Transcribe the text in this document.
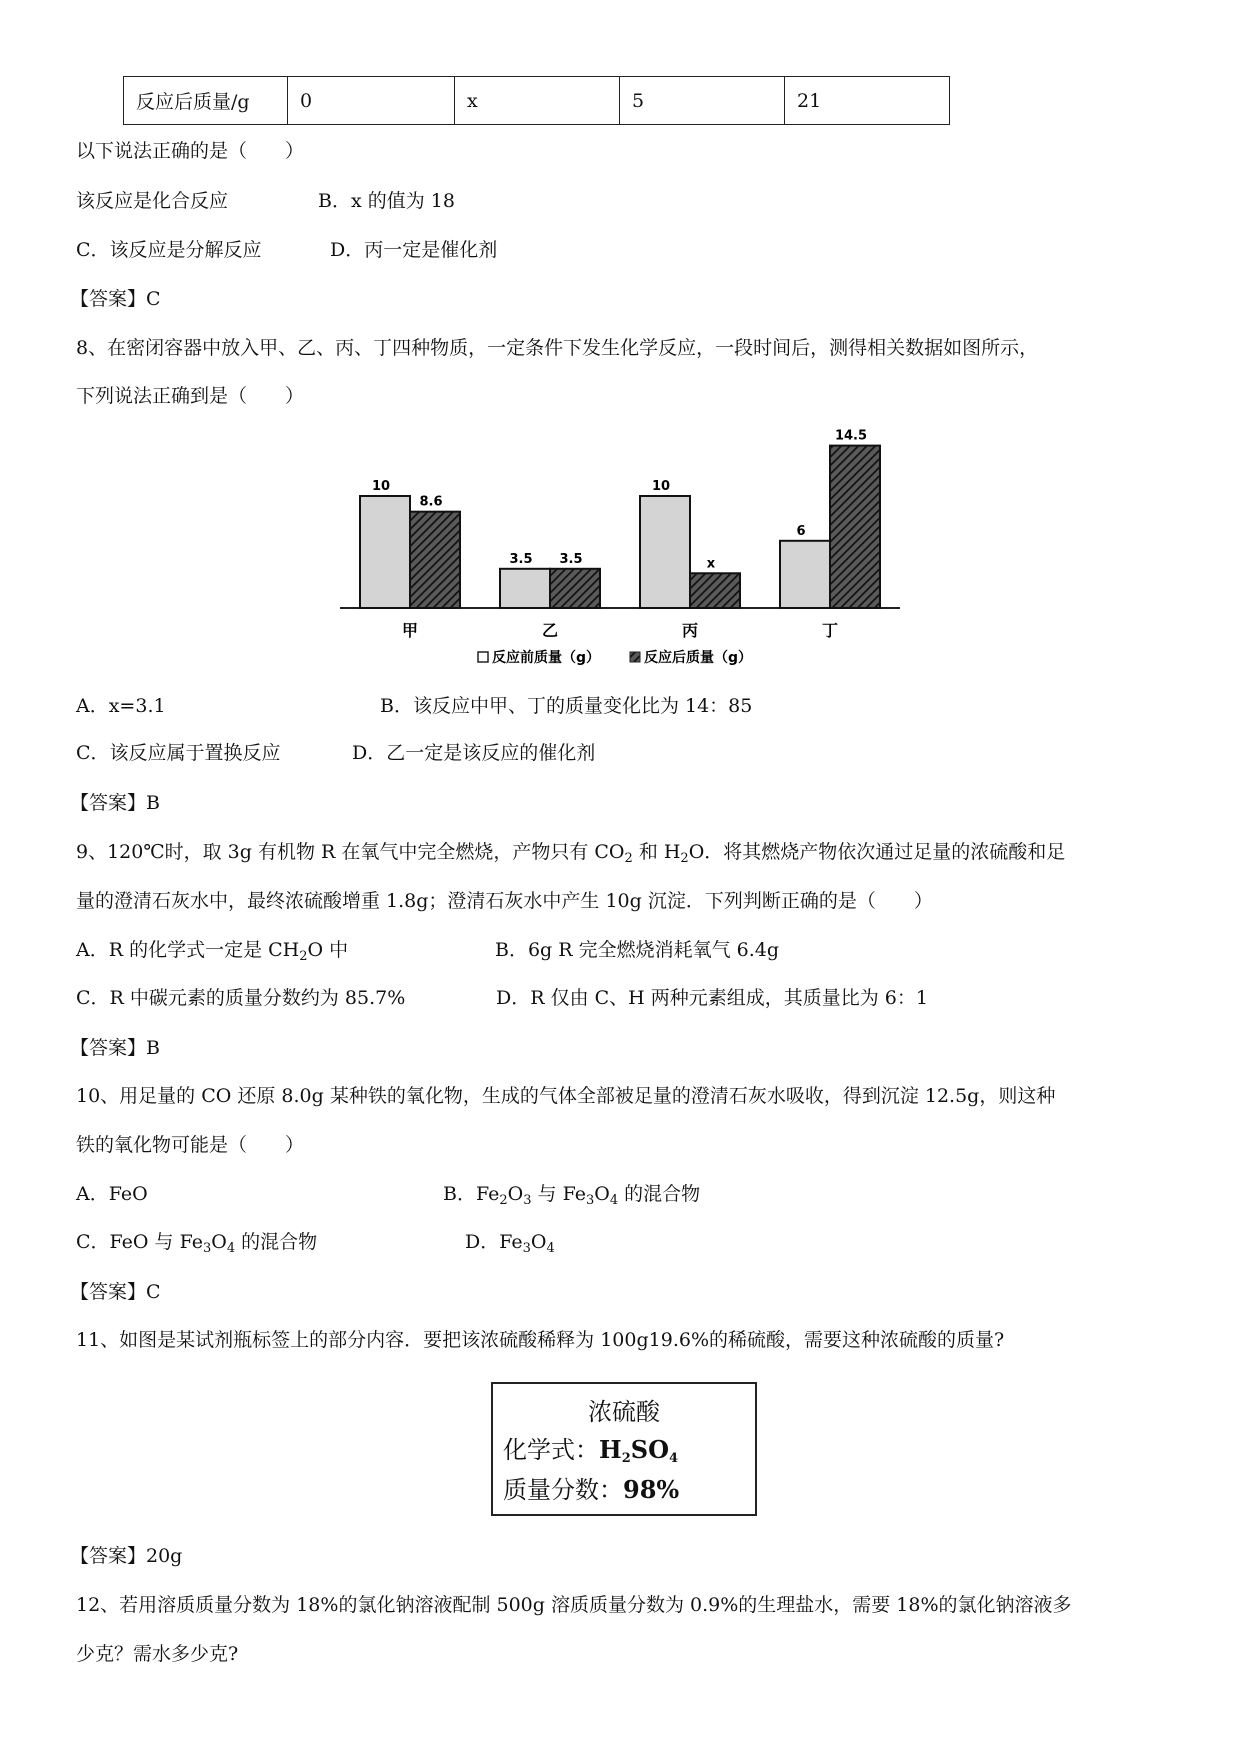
反应后质量/g	0	x	5	21
以下说法正确的是（　　）
该反应是化合反应	B．x 的值为 18
C．该反应是分解反应	D．丙一定是催化剂
【答案】C
8、在密闭容器中放入甲、乙、丙、丁四种物质，一定条件下发生化学反应，一段时间后，测得相关数据如图所示，
下列说法正确到是（　　）
10
8.6
甲
3.5 3.5
乙
10
x
丙
6
14.5
丁
反应前质量（g）	反应后质量（g）
A．x=3.1	B．该反应中甲、丁的质量变化比为 14：85
C．该反应属于置换反应	D．乙一定是该反应的催化剂
【答案】B
9、120℃时，取 3g 有机物 R 在氧气中完全燃烧，产物只有 $CO_2$ 和 $H_2O$．将其燃烧产物依次通过足量的浓硫酸和足
量的澄清石灰水中，最终浓硫酸增重 1.8g；澄清石灰水中产生 10g 沉淀．下列判断正确的是（　　）
A．R 的化学式一定是 $CH_2O$ 中	B．6g R 完全燃烧消耗氧气 6.4g
C．R 中碳元素的质量分数约为 85.7%	D．R 仅由 C、H 两种元素组成，其质量比为 6：1
【答案】B
10、用足量的 CO 还原 8.0g 某种铁的氧化物，生成的气体全部被足量的澄清石灰水吸收，得到沉淀 12.5g，则这种
铁的氧化物可能是（　　）
A．FeO	B．$Fe_2O_3$ 与 $Fe_3O_4$ 的混合物
C．FeO 与 $Fe_3O_4$ 的混合物	D．$Fe_3O_4$
【答案】C
11、如图是某试剂瓶标签上的部分内容．要把该浓硫酸稀释为 100g19.6%的稀硫酸，需要这种浓硫酸的质量?
浓硫酸
化学式：$H_2SO_4$
质量分数：98%
【答案】20g
12、若用溶质质量分数为 18%的氯化钠溶液配制 500g 溶质质量分数为 0.9%的生理盐水，需要 18%的氯化钠溶液多
少克？需水多少克?
